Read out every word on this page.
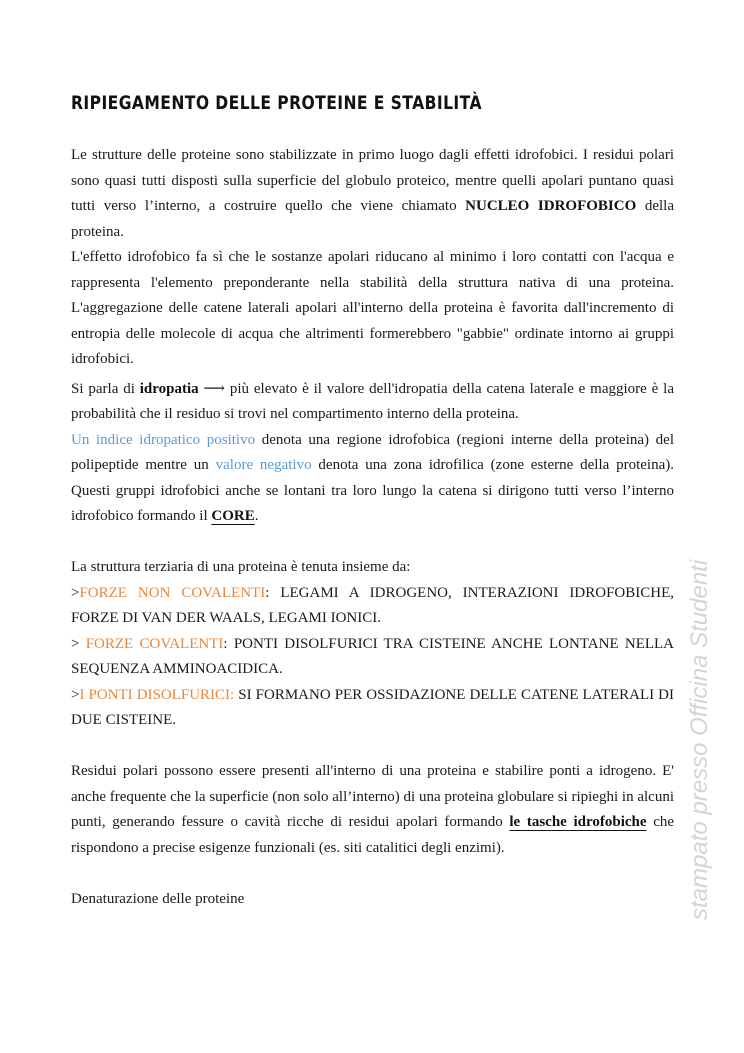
RIPIEGAMENTO DELLE PROTEINE E STABILITÀ

Le strutture delle proteine sono stabilizzate in primo luogo dagli effetti idrofobici. I residui polari sono quasi tutti disposti sulla superficie del globulo proteico, mentre quelli apolari puntano quasi tutti verso l’interno, a costruire quello che viene chiamato NUCLEO IDROFOBICO della proteina.

L'effetto idrofobico fa sì che le sostanze apolari riducano al minimo i loro contatti con l'acqua e rappresenta l'elemento preponderante nella stabilità della struttura nativa di una proteina. L'aggregazione delle catene laterali apolari all'interno della proteina è favorita dall'incremento di entropia delle molecole di acqua che altrimenti formerebbero "gabbie" ordinate intorno ai gruppi idrofobici.

Si parla di idropatia ⟶ più elevato è il valore dell'idropatia della catena laterale e maggiore è la probabilità che il residuo si trovi nel compartimento interno della proteina.

Un indice idropatico positivo denota una regione idrofobica (regioni interne della proteina) del polipeptide mentre un valore negativo denota una zona idrofilica (zone esterne della proteina). Questi gruppi idrofobici anche se lontani tra loro lungo la catena si dirigono tutti verso l’interno idrofobico formando il CORE.

La struttura terziaria di una proteina è tenuta insieme da:

>FORZE NON COVALENTI: LEGAMI A IDROGENO, INTERAZIONI IDROFOBICHE, FORZE DI VAN DER WAALS, LEGAMI IONICI.

> FORZE COVALENTI: PONTI DISOLFURICI TRA CISTEINE ANCHE LONTANE NELLA

SEQUENZA AMMINOACIDICA.

>I PONTI DISOLFURICI: SI FORMANO PER OSSIDAZIONE DELLE CATENE LATERALI DI DUE CISTEINE.

Residui polari possono essere presenti all'interno di una proteina e stabilire ponti a idrogeno. E' anche frequente che la superficie (non solo all’interno) di una proteina globulare si ripieghi in alcuni punti, generando fessure o cavità ricche di residui apolari formando le tasche idrofobiche che rispondono a precise esigenze funzionali (es. siti catalitici degli enzimi).

Denaturazione delle proteine	stampato presso Officina Studenti
